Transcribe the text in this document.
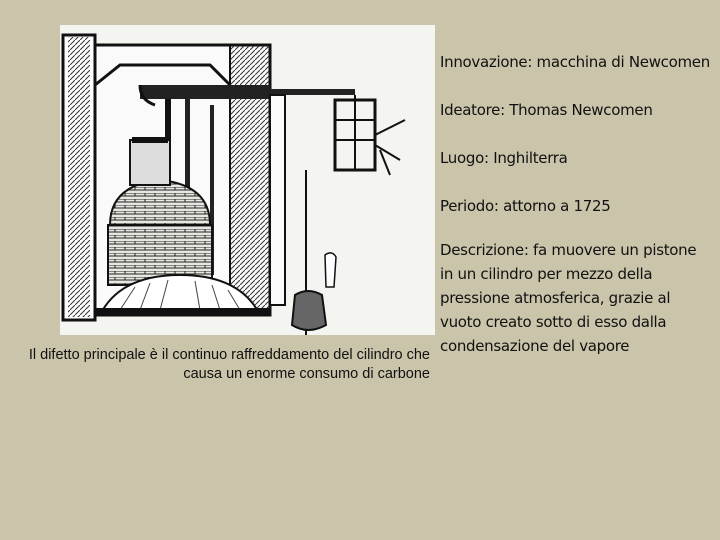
Il difetto principale è il continuo raffreddamento del cilindro che causa un enorme consumo di carbone

Innovazione: macchina di Newcomen

Ideatore: Thomas Newcomen

Luogo: Inghilterra

Periodo: attorno a 1725

Descrizione: fa muovere un pistone in un cilindro per mezzo della pressione atmosferica, grazie al vuoto creato sotto di esso dalla condensazione del vapore
